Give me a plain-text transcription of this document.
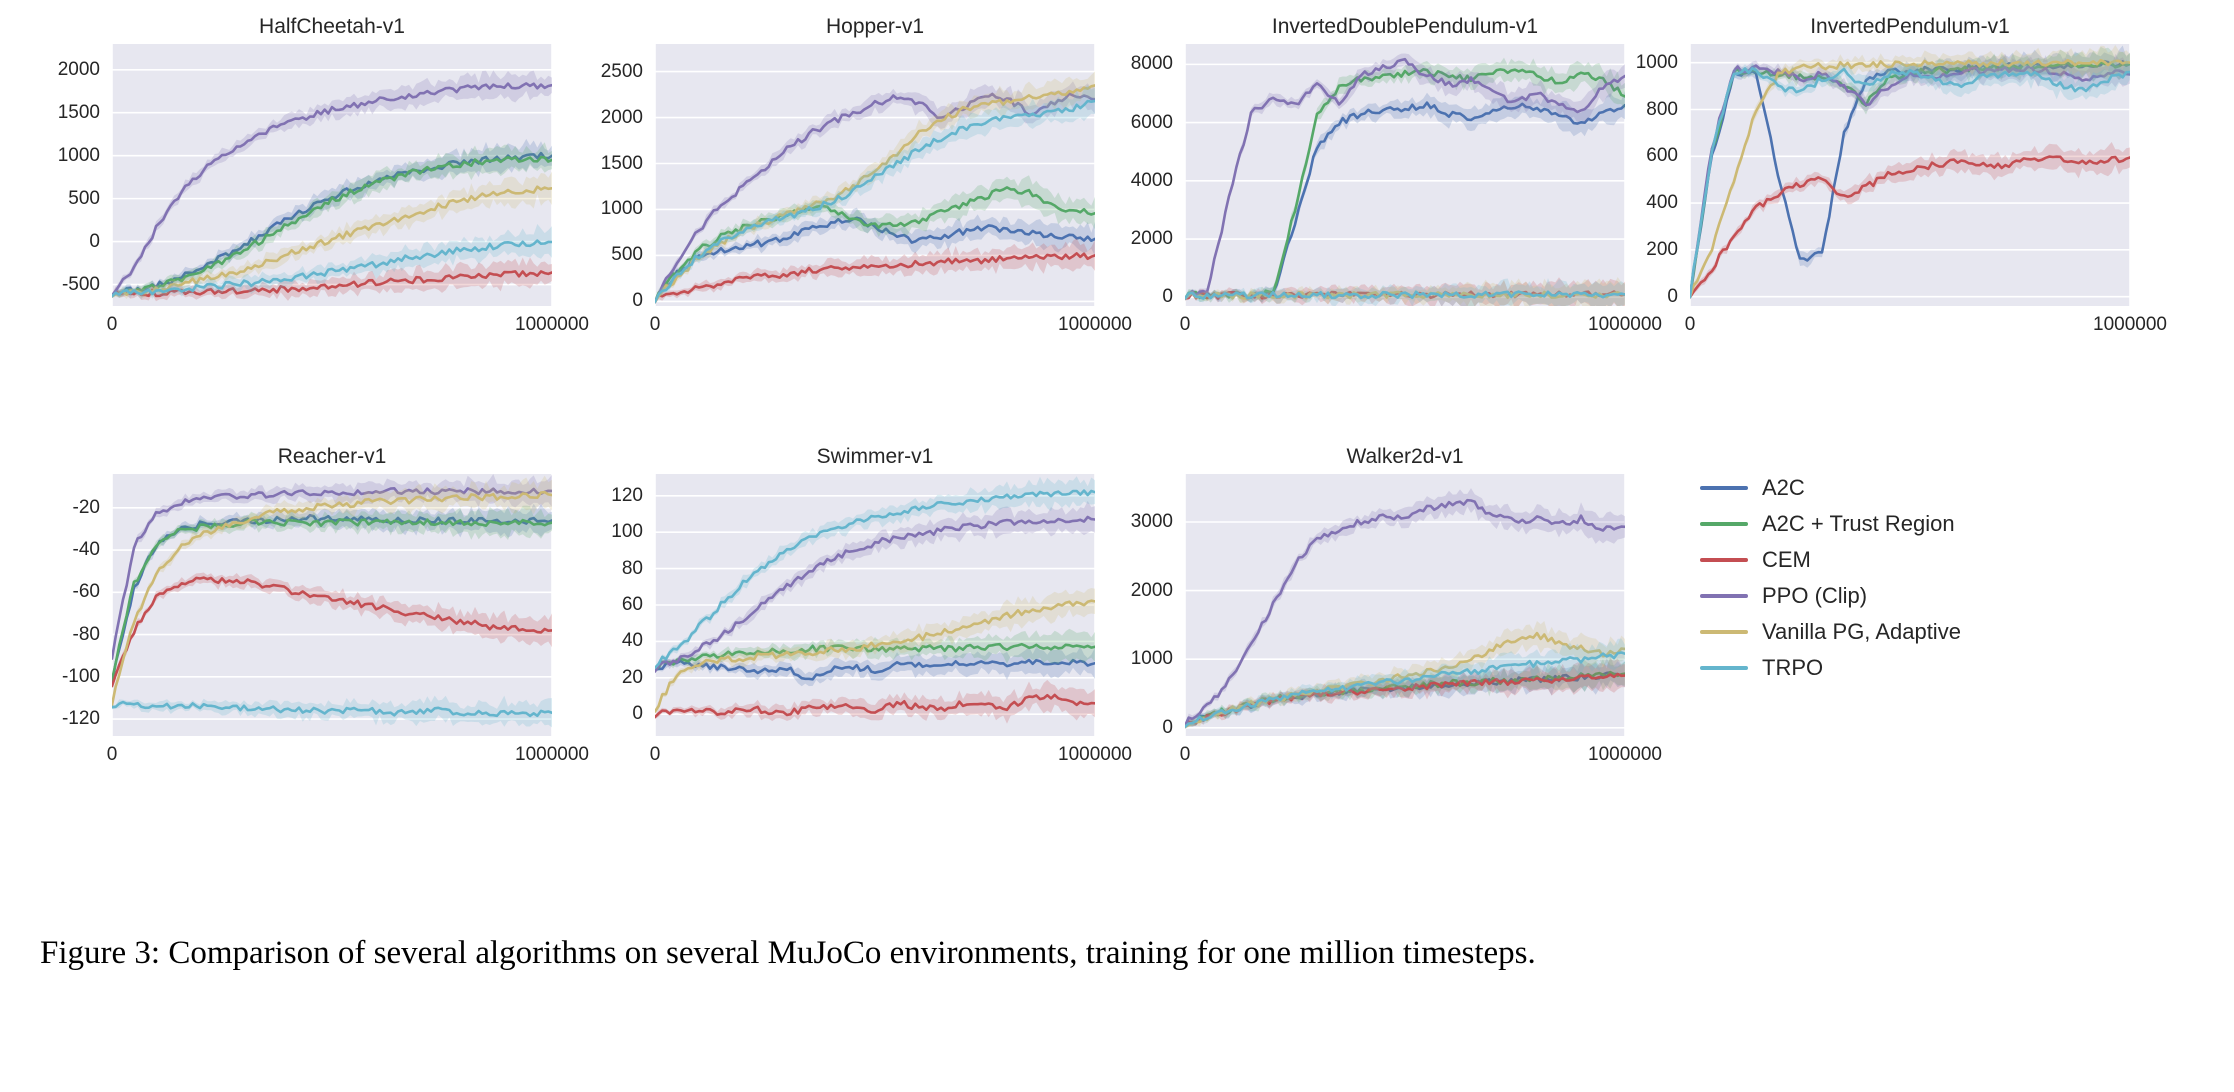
HalfCheetah-v1
-500
0
500
1000
1500
2000
0	1000000
Hopper-v1
0
500
1000
1500
2000
2500
0	1000000
InvertedDoublePendulum-v1
0
2000
4000
6000
8000
0	1000000
InvertedPendulum-v1
0
200
400
600
800
1000
0	1000000
Reacher-v1
-120
-100
-80
-60
-40
-20
0	1000000
Swimmer-v1
0
20
40
60
80
100
120
0	1000000
Walker2d-v1
0
1000
2000
3000
0	1000000
A2C
A2C + Trust Region
CEM
PPO (Clip)
Vanilla PG, Adaptive
TRPO
Figure 3: Comparison of several algorithms on several MuJoCo environments, training for one million timesteps.
